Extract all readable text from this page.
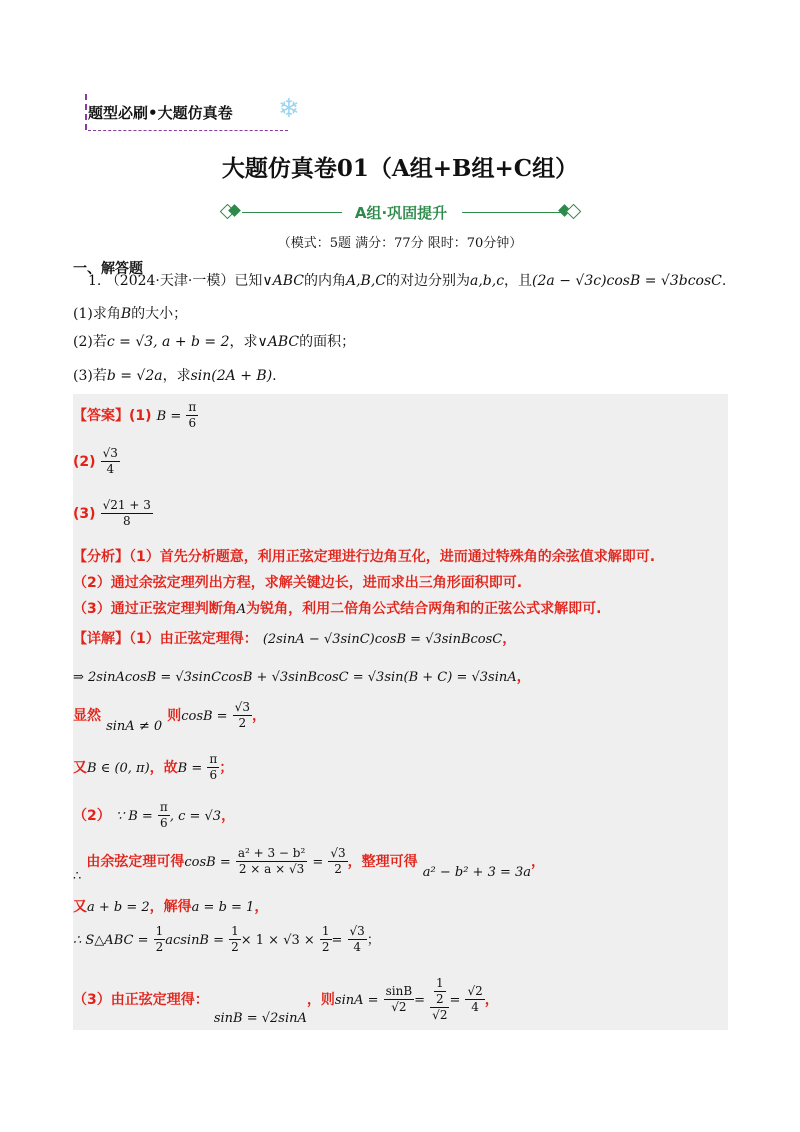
题型必刷•大题仿真卷 ❄
大题仿真卷01（A组+B组+C组）
A组·巩固提升
（模式：5题 满分：77分 限时：70分钟）
一、解答题
1. （2024·天津·一模）已知∨ABC的内角A,B,C的对边分别为a,b,c，且(2a − √3c)cosB = √3bcosC.
(1)求角B的大小；
(2)若c = √3, a + b = 2，求∨ABC的面积；
(3)若b = √2a，求sin(2A + B).
【答案】(1) $B = \frac{\pi}{6}$
$(2) \frac{√3}{4}$
$(3) \frac{√21 + 3}{8}$
【分析】（1）首先分析题意，利用正弦定理进行边角互化，进而通过特殊角的余弦值求解即可.
（2）通过余弦定理列出方程，求解关键边长，进而求出三角形面积即可.
（3）通过正弦定理判断角A为锐角，利用二倍角公式结合两角和的正弦公式求解即可.
【详解】（1）由正弦定理得： (2sinA − √3sinC)cosB = √3sinBcosC，
⇒ 2sinAcosB = √3sinCcosB + √3sinBcosC = √3sin(B + C) = √3sinA，
显然 $_{sinA \ne 0}$ 则$\cos B = \frac{√3}{2}$ ，
又B ∈ (0, π)，故$B = \frac{\pi}{6}$ ；
（2） ∵ $B = \frac{\pi}{6}$ , c = √3，
$_\therefore$ 由余弦定理可得$\cos B = \frac{\text{a² + 3 − b²}}{2 \times a \times √3} = \frac{√3}{2}$ ，整理可得 $_{a^2 - b^2 + 3 = 3a}$，
又a + b = 2，解得a = b = 1，
∴ S△ABC = $\frac{1}{2}$ $acsinB = \frac{1}{2} \times 1 \times √3 \times \frac{1}{2} = \frac{√3}{4}$ ；
（3）由正弦定理得： $_{sinB = √2sinA}$，则$\sin A = \frac{\sin B}{√2} = \frac{\frac{1}{2}}{√2} = \frac{√2}{4}$ ，
